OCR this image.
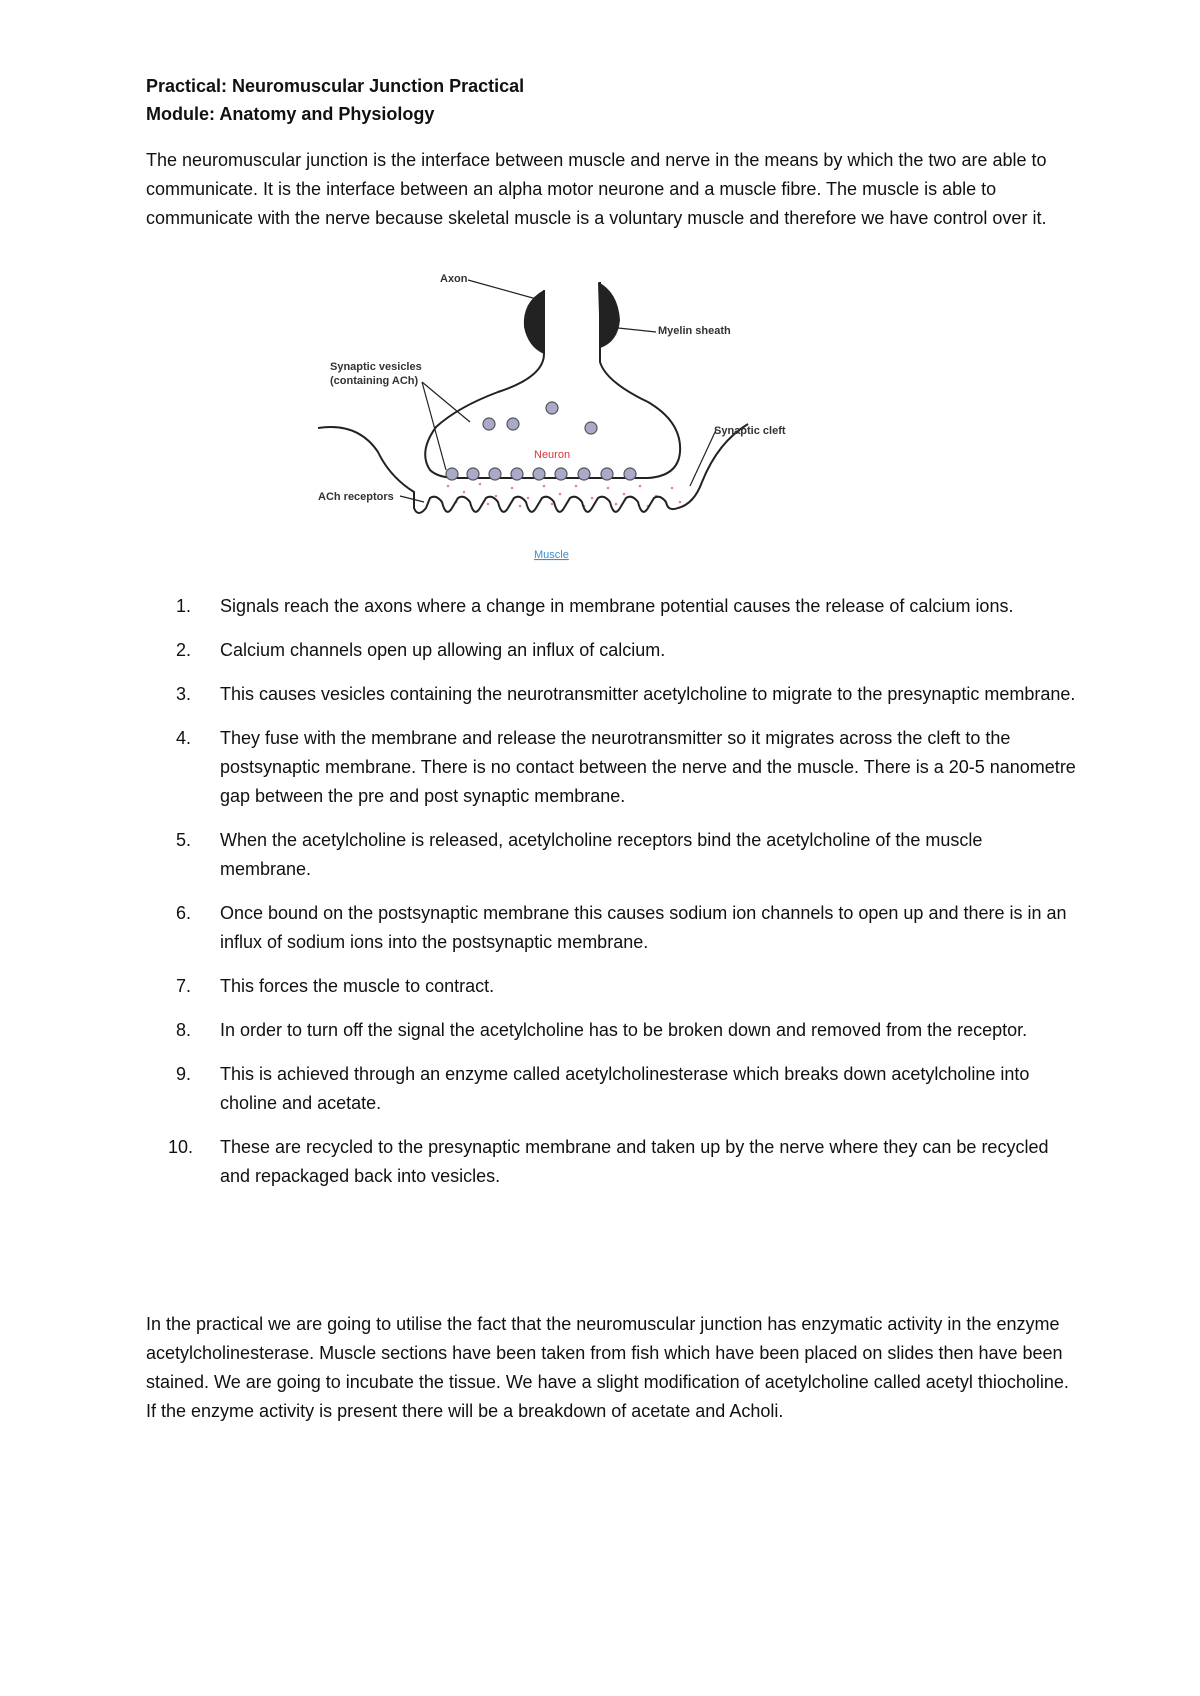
Practical: Neuromuscular Junction Practical

Module: Anatomy and Physiology

The neuromuscular junction is the interface between muscle and nerve in the means by which the two are able to communicate. It is the interface between an alpha motor neurone and a muscle fibre. The muscle is able to communicate with the nerve because skeletal muscle is a voluntary muscle and therefore we have control over it.

Axon
Myelin sheath
Synaptic vesicles
(containing ACh)
Synaptic cleft
Neuron
ACh receptors
Muscle
1.	Signals reach the axons where a change in membrane potential causes the release of calcium ions.
2.	Calcium channels open up allowing an influx of calcium.
3.	This causes vesicles containing the neurotransmitter acetylcholine to migrate to the presynaptic membrane.
4.	They fuse with the membrane and release the neurotransmitter so it migrates across the cleft to the postsynaptic membrane. There is no contact between the nerve and the muscle. There is a 20-5 nanometre gap between the pre and post synaptic membrane.
5.	When the acetylcholine is released, acetylcholine receptors bind the acetylcholine of the muscle membrane.
6.	Once bound on the postsynaptic membrane this causes sodium ion channels to open up and there is in an influx of sodium ions into the postsynaptic membrane.
7.	This forces the muscle to contract.
8.	In order to turn off the signal the acetylcholine has to be broken down and removed from the receptor.
9.	This is achieved through an enzyme called acetylcholinesterase which breaks down acetylcholine into choline and acetate.
10.	These are recycled to the presynaptic membrane and taken up by the nerve where they can be recycled and repackaged back into vesicles.

In the practical we are going to utilise the fact that the neuromuscular junction has enzymatic activity in the enzyme acetylcholinesterase. Muscle sections have been taken from fish which have been placed on slides then have been stained. We are going to incubate the tissue. We have a slight modification of acetylcholine called acetyl thiocholine. If the enzyme activity is present there will be a breakdown of acetate and Acholi.
